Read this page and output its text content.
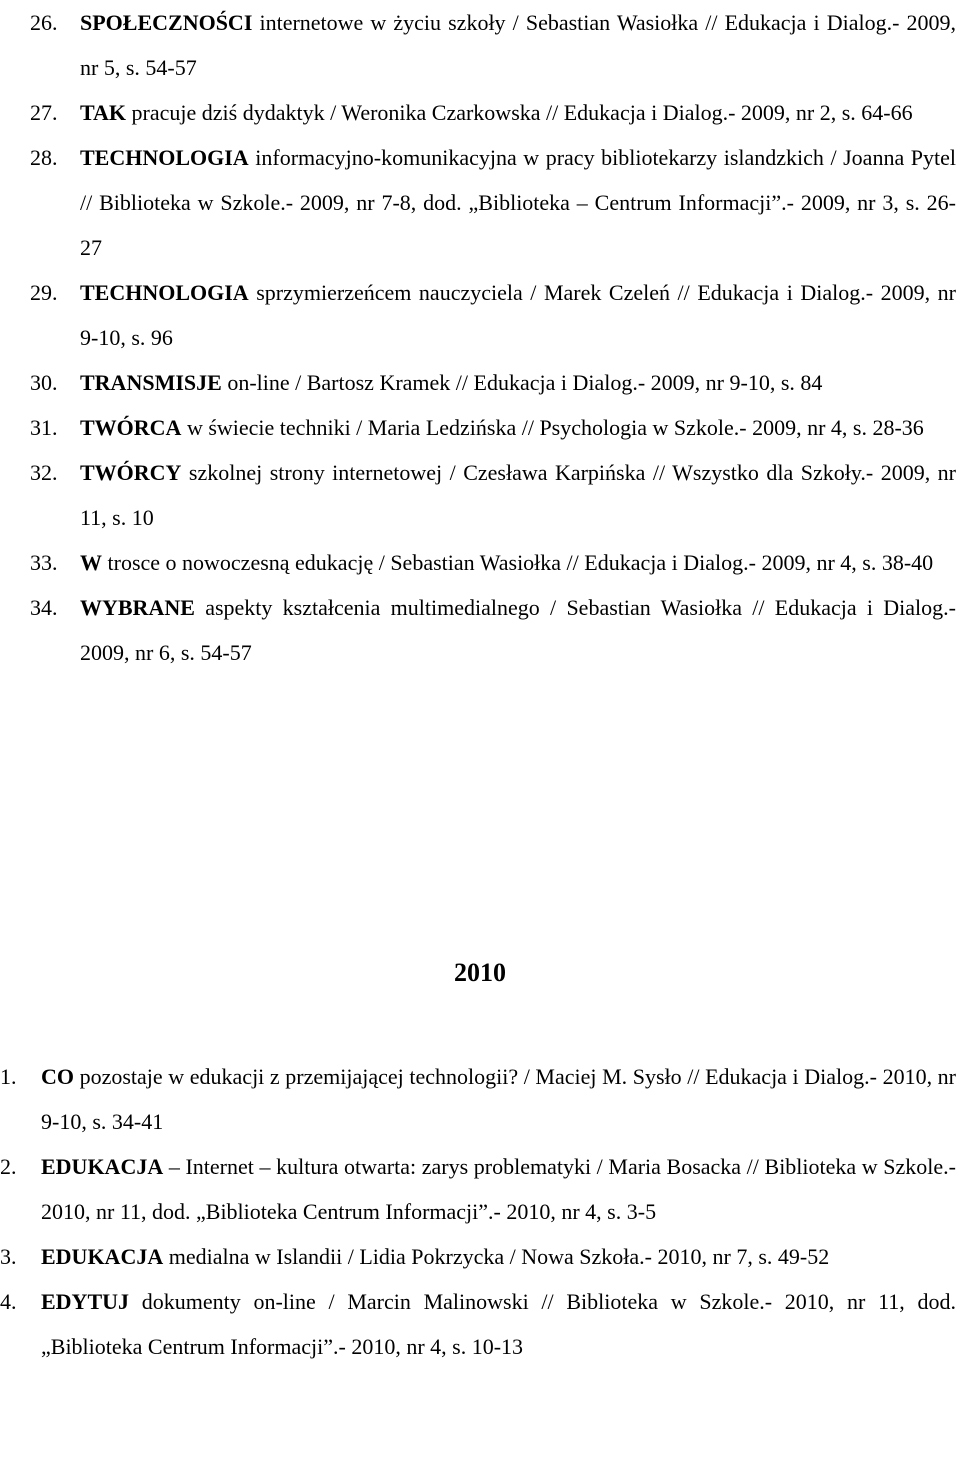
26. SPOŁECZNOŚCI internetowe w życiu szkoły / Sebastian Wasiołka // Edukacja i Dialog.- 2009, nr 5, s. 54-57

27. TAK pracuje dziś dydaktyk / Weronika Czarkowska // Edukacja i Dialog.- 2009, nr 2, s. 64-66

28. TECHNOLOGIA informacyjno-komunikacyjna w pracy bibliotekarzy islandzkich / Joanna Pytel // Biblioteka w Szkole.- 2009, nr 7-8, dod. „Biblioteka – Centrum Informacji”.- 2009, nr 3, s. 26-27

29. TECHNOLOGIA sprzymierzeńcem nauczyciela / Marek Czeleń // Edukacja i Dialog.- 2009, nr 9-10, s. 96

30. TRANSMISJE on-line / Bartosz Kramek // Edukacja i Dialog.- 2009, nr 9-10, s. 84

31. TWÓRCA w świecie techniki / Maria Ledzińska // Psychologia w Szkole.- 2009, nr 4, s. 28-36

32. TWÓRCY szkolnej strony internetowej / Czesława Karpińska // Wszystko dla Szkoły.- 2009, nr 11, s. 10

33. W trosce o nowoczesną edukację / Sebastian Wasiołka // Edukacja i Dialog.- 2009, nr 4, s. 38-40

34. WYBRANE aspekty kształcenia multimedialnego / Sebastian Wasiołka // Edukacja i Dialog.- 2009, nr 6, s. 54-57

2010

1. CO pozostaje w edukacji z przemijającej technologii? / Maciej M. Sysło // Edukacja i Dialog.- 2010, nr 9-10, s. 34-41

2. EDUKACJA – Internet – kultura otwarta: zarys problematyki / Maria Bosacka // Biblioteka w Szkole.- 2010, nr 11, dod. „Biblioteka Centrum Informacji”.- 2010, nr 4, s. 3-5

3. EDUKACJA medialna w Islandii / Lidia Pokrzycka / Nowa Szkoła.- 2010, nr 7, s. 49-52

4. EDYTUJ dokumenty on-line / Marcin Malinowski // Biblioteka w Szkole.- 2010, nr 11, dod. „Biblioteka Centrum Informacji”.- 2010, nr 4, s. 10-13
